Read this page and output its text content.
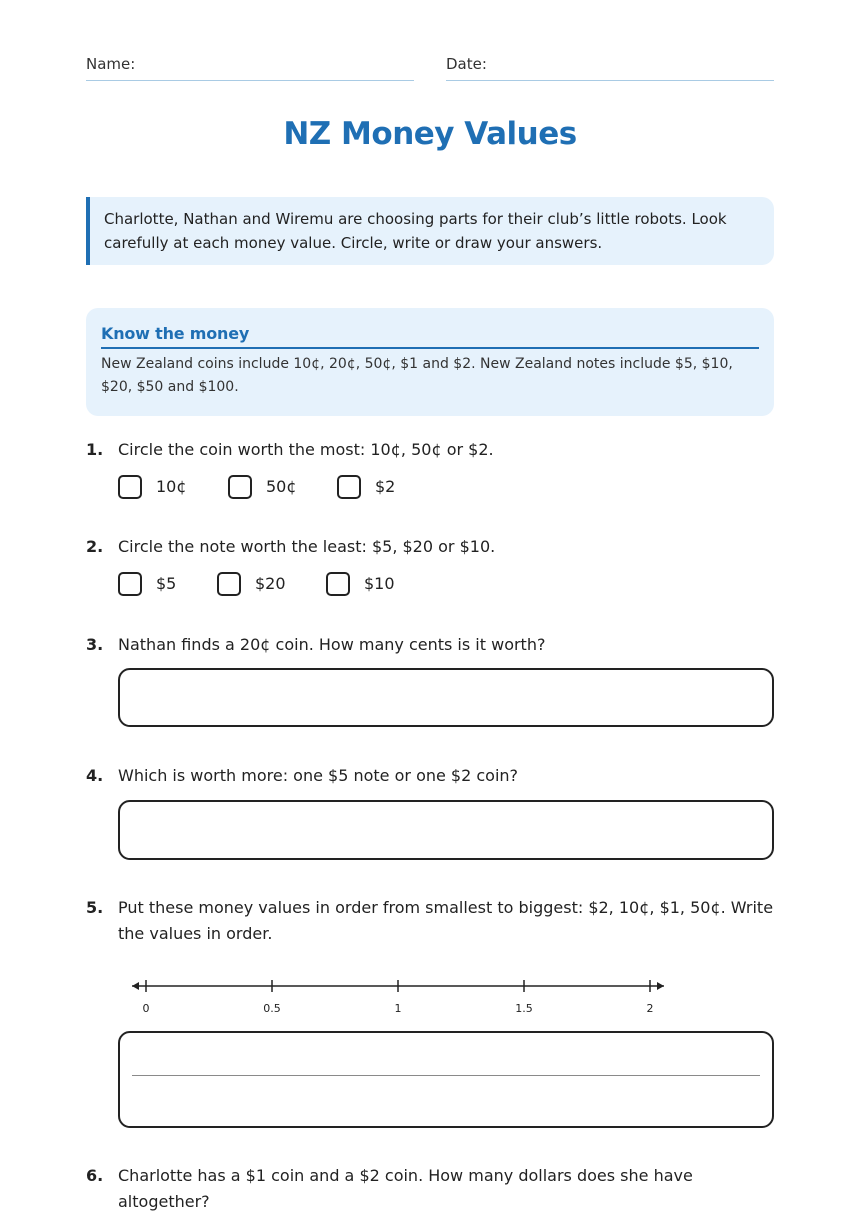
Name:	Date:
NZ Money Values
Charlotte, Nathan and Wiremu are choosing parts for their club’s little robots. Look carefully at each money value. Circle, write or draw your answers.
Know the money
New Zealand coins include 10¢, 20¢, 50¢, $1 and $2. New Zealand notes include $5, $10, $20, $50 and $100.
1. Circle the coin worth the most: 10¢, 50¢ or $2.
10¢	50¢	$2
2. Circle the note worth the least: $5, $20 or $10.
$5	$20	$10
3. Nathan finds a 20¢ coin. How many cents is it worth?
4. Which is worth more: one $5 note or one $2 coin?
5. Put these money values in order from smallest to biggest: $2, 10¢, $1, 50¢. Write the values in order.
0	0.5	1	1.5	2
6. Charlotte has a $1 coin and a $2 coin. How many dollars does she have altogether?
